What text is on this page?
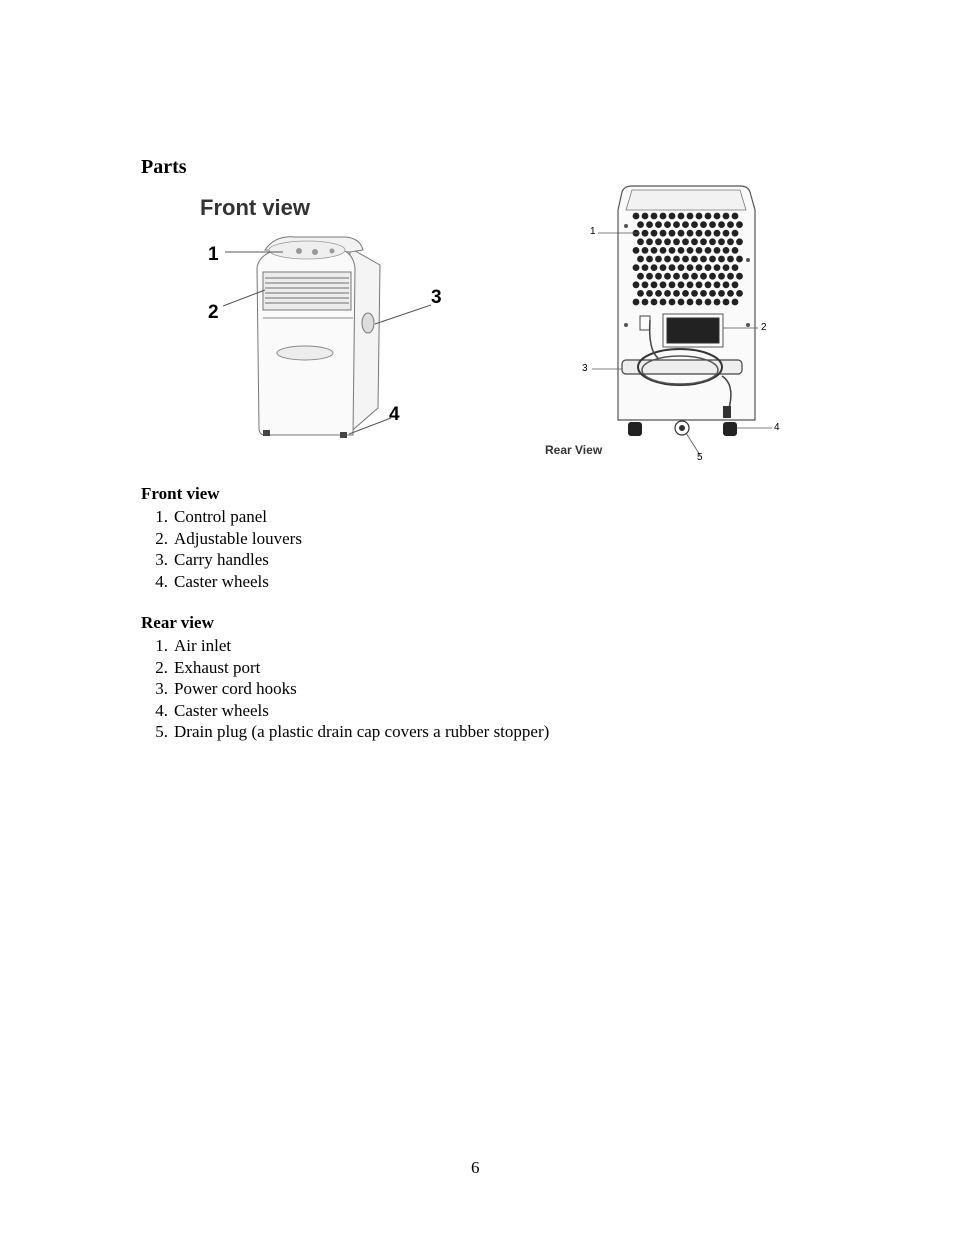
Parts
Front view
1
2
3
4
1
2
3
4
5
Rear View
Front view
1. Control panel
2. Adjustable louvers
3. Carry handles
4. Caster wheels
Rear view
1. Air inlet
2. Exhaust port
3. Power cord hooks
4. Caster wheels
5. Drain plug (a plastic drain cap covers a rubber stopper)
6
